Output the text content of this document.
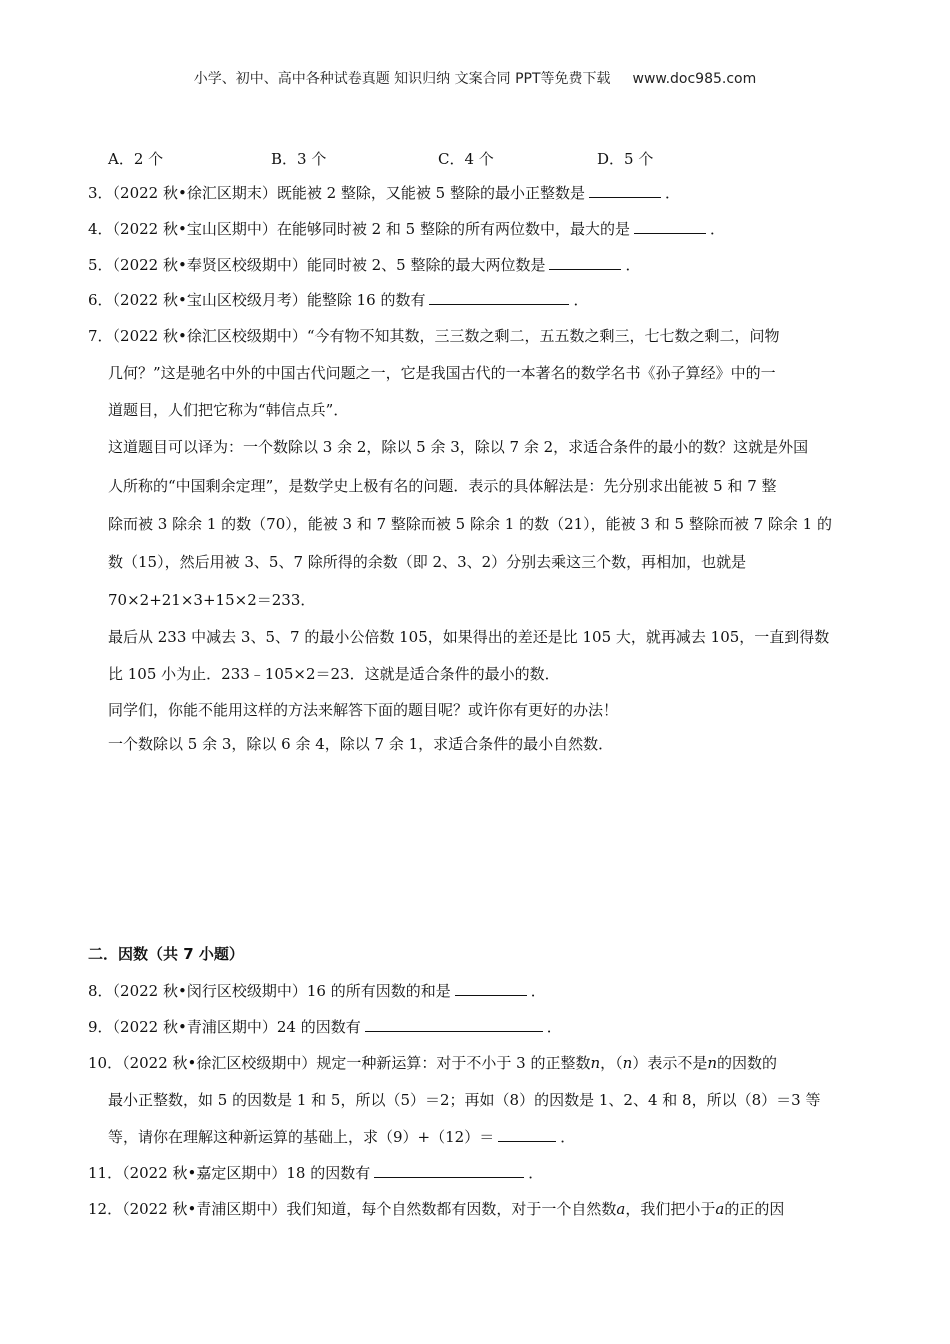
小学、初中、高中各种试卷真题 知识归纳 文案合同 PPT等免费下载 www.doc985.com
A．2 个	B．3 个	C．4 个	D．5 个
3．（2022 秋•徐汇区期末）既能被 2 整除，又能被 5 整除的最小正整数是	．
4．（2022 秋•宝山区期中）在能够同时被 2 和 5 整除的所有两位数中，最大的是	．
5．（2022 秋•奉贤区校级期中）能同时被 2、5 整除的最大两位数是	．
6．（2022 秋•宝山区校级月考）能整除 16 的数有	．
7．（2022 秋•徐汇区校级期中）“今有物不知其数，三三数之剩二，五五数之剩三，七七数之剩二，问物
几何？”这是驰名中外的中国古代问题之一，它是我国古代的一本著名的数学名书《孙子算经》中的一
道题目，人们把它称为“韩信点兵”．
这道题目可以译为：一个数除以 3 余 2，除以 5 余 3，除以 7 余 2，求适合条件的最小的数？这就是外国
人所称的“中国剩余定理”，是数学史上极有名的问题．表示的具体解法是：先分别求出能被 5 和 7 整
除而被 3 除余 1 的数（70），能被 3 和 7 整除而被 5 除余 1 的数（21），能被 3 和 5 整除而被 7 除余 1 的
数（15），然后用被 3、5、7 除所得的余数（即 2、3、2）分别去乘这三个数，再相加，也就是
70×2+21×3+15×2＝233．
最后从 233 中减去 3、5、7 的最小公倍数 105，如果得出的差还是比 105 大，就再减去 105，一直到得数
比 105 小为止．233﹣105×2＝23．这就是适合条件的最小的数．
同学们，你能不能用这样的方法来解答下面的题目呢？或许你有更好的办法！
一个数除以 5 余 3，除以 6 余 4，除以 7 余 1，求适合条件的最小自然数．
二．因数（共 7 小题）
8．（2022 秋•闵行区校级期中）16 的所有因数的和是	．
9．（2022 秋•青浦区期中）24 的因数有	．
10．（2022 秋•徐汇区校级期中）规定一种新运算：对于不小于 3 的正整数n，（n）表示不是n的因数的
最小正整数，如 5 的因数是 1 和 5，所以（5）＝2；再如（8）的因数是 1、2、4 和 8，所以（8）＝3 等
等，请你在理解这种新运算的基础上，求（9）+（12）＝	．
11．（2022 秋•嘉定区期中）18 的因数有	．
12．（2022 秋•青浦区期中）我们知道，每个自然数都有因数，对于一个自然数a，我们把小于a的正的因
